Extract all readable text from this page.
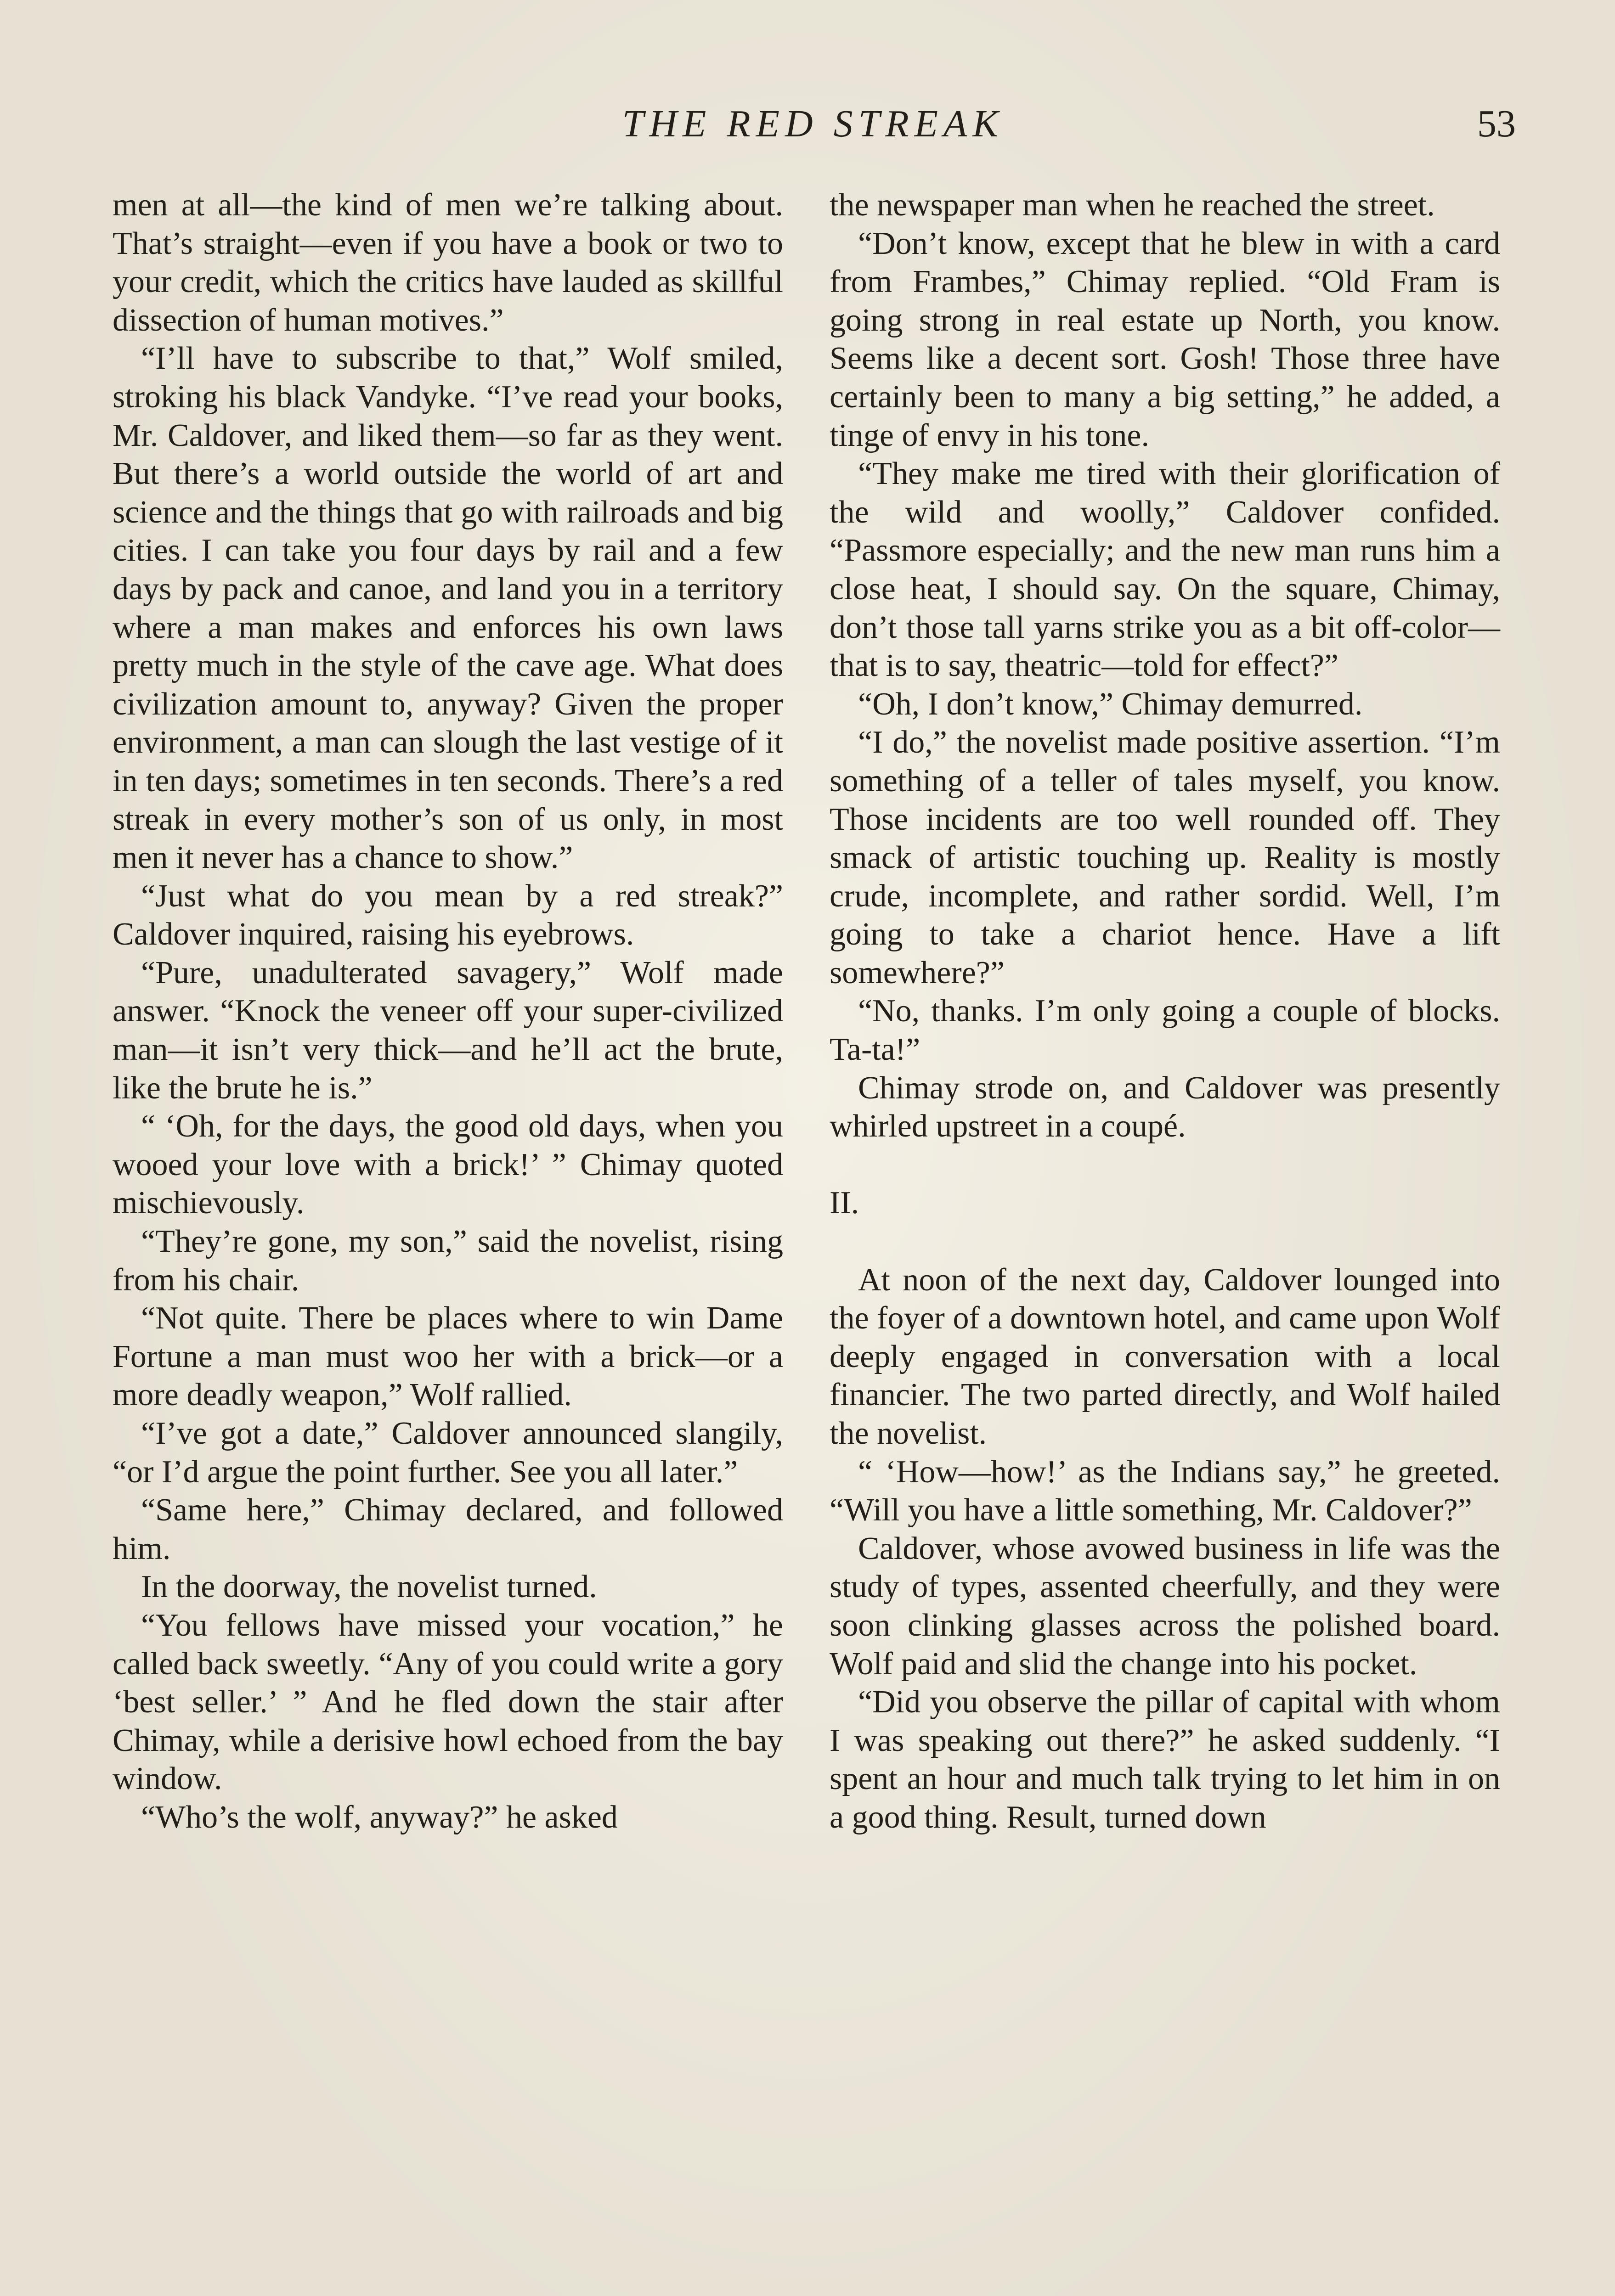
THE RED STREAK	53

men at all—the kind of men we’re talking about. That’s straight—even if you have a book or two to your credit, which the critics have lauded as skillful dissection of human motives.”

“I’ll have to subscribe to that,” Wolf smiled, stroking his black Vandyke. “I’ve read your books, Mr. Caldover, and liked them—so far as they went. But there’s a world outside the world of art and science and the things that go with railroads and big cities. I can take you four days by rail and a few days by pack and canoe, and land you in a territory where a man makes and enforces his own laws pretty much in the style of the cave age. What does civilization amount to, anyway? Given the proper environment, a man can slough the last vestige of it in ten days; sometimes in ten seconds. There’s a red streak in every mother’s son of us only, in most men it never has a chance to show.”

“Just what do you mean by a red streak?” Caldover inquired, raising his eyebrows.

“Pure, unadulterated savagery,” Wolf made answer. “Knock the veneer off your super-civilized man—it isn’t very thick—and he’ll act the brute, like the brute he is.”

“ ‘Oh, for the days, the good old days, when you wooed your love with a brick!’ ” Chimay quoted mischievously.

“They’re gone, my son,” said the novelist, rising from his chair.

“Not quite. There be places where to win Dame Fortune a man must woo her with a brick—or a more deadly weapon,” Wolf rallied.

“I’ve got a date,” Caldover announced slangily, “or I’d argue the point further. See you all later.”

“Same here,” Chimay declared, and followed him.

In the doorway, the novelist turned.

“You fellows have missed your vocation,” he called back sweetly. “Any of you could write a gory ‘best seller.’ ” And he fled down the stair after Chimay, while a derisive howl echoed from the bay window.

“Who’s the wolf, anyway?” he asked

the newspaper man when he reached the street.

“Don’t know, except that he blew in with a card from Frambes,” Chimay replied. “Old Fram is going strong in real estate up North, you know. Seems like a decent sort. Gosh! Those three have certainly been to many a big setting,” he added, a tinge of envy in his tone.

“They make me tired with their glorification of the wild and woolly,” Caldover confided. “Passmore especially; and the new man runs him a close heat, I should say. On the square, Chimay, don’t those tall yarns strike you as a bit off-color—that is to say, theatric—told for effect?”

“Oh, I don’t know,” Chimay demurred.

“I do,” the novelist made positive assertion. “I’m something of a teller of tales myself, you know. Those incidents are too well rounded off. They smack of artistic touching up. Reality is mostly crude, incomplete, and rather sordid. Well, I’m going to take a chariot hence. Have a lift somewhere?”

“No, thanks. I’m only going a couple of blocks. Ta-ta!”

Chimay strode on, and Caldover was presently whirled upstreet in a coupé.

II.

At noon of the next day, Caldover lounged into the foyer of a downtown hotel, and came upon Wolf deeply engaged in conversation with a local financier. The two parted directly, and Wolf hailed the novelist.

“ ‘How—how!’ as the Indians say,” he greeted. “Will you have a little something, Mr. Caldover?”

Caldover, whose avowed business in life was the study of types, assented cheerfully, and they were soon clinking glasses across the polished board. Wolf paid and slid the change into his pocket.

“Did you observe the pillar of capital with whom I was speaking out there?” he asked suddenly. “I spent an hour and much talk trying to let him in on a good thing. Result, turned down
